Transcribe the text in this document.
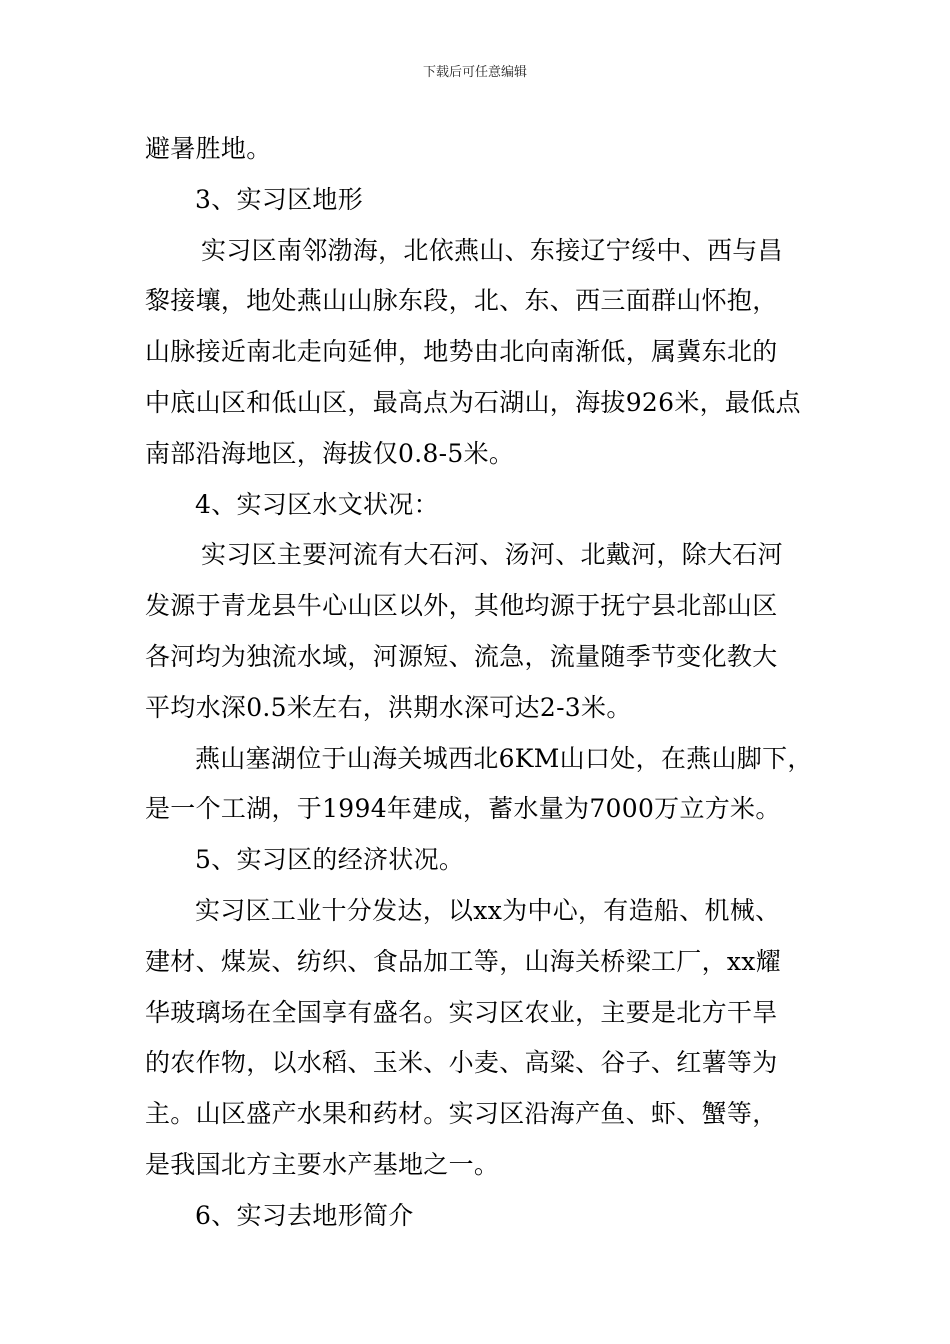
下载后可任意编辑
避暑胜地。
3、实习区地形
实习区南邻渤海，北依燕山、东接辽宁绥中、西与昌
黎接壤，地处燕山山脉东段，北、东、西三面群山怀抱，
山脉接近南北走向延伸，地势由北向南渐低，属冀东北的
中底山区和低山区，最高点为石湖山，海拔926米，最低点
南部沿海地区，海拔仅0.8-5米。
4、实习区水文状况：
实习区主要河流有大石河、汤河、北戴河，除大石河
发源于青龙县牛心山区以外，其他均源于抚宁县北部山区
各河均为独流水域，河源短、流急，流量随季节变化教大
平均水深0.5米左右，洪期水深可达2-3米。
燕山塞湖位于山海关城西北6KM山口处，在燕山脚下，
是一个工湖，于1994年建成，蓄水量为7000万立方米。
5、实习区的经济状况。
实习区工业十分发达，以xx为中心，有造船、机械、
建材、煤炭、纺织、食品加工等，山海关桥梁工厂，xx耀
华玻璃场在全国享有盛名。实习区农业，主要是北方干旱
的农作物，以水稻、玉米、小麦、高粱、谷子、红薯等为
主。山区盛产水果和药材。实习区沿海产鱼、虾、蟹等，
是我国北方主要水产基地之一。
6、实习去地形简介
